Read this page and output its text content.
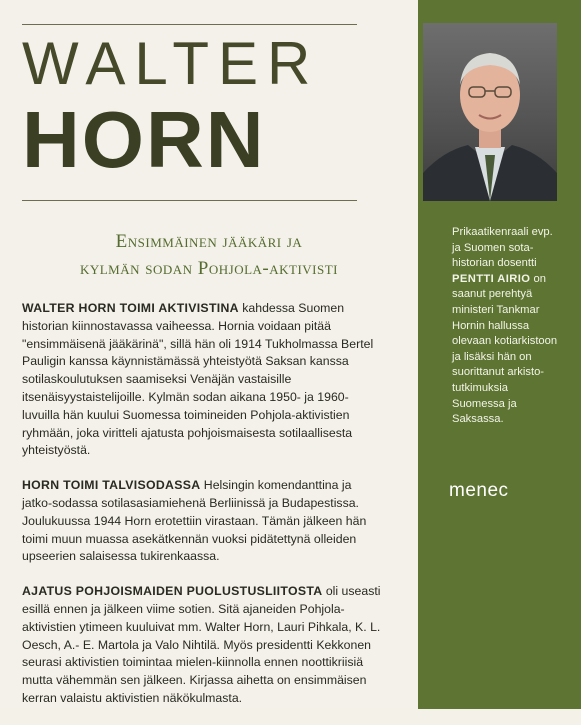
WALTER
HORN
Ensimmäinen jääkäri ja
kylmän sodan Pohjola-aktivisti

WALTER HORN TOIMI AKTIVISTINA kahdessa Suomen historian kiinnostavassa vaiheessa. Hornia voidaan pitää "ensimmäisenä jääkärinä", sillä hän oli 1914 Tukholmassa Bertel Pauligin kanssa käynnistämässä yhteistyötä Saksan kanssa sotilaskoulutuksen saamiseksi Venäjän vastaisille itsenäisyystaistelijoille. Kylmän sodan aikana 1950- ja 1960-luvuilla hän kuului Suomessa toimineiden Pohjola-aktivistien ryhmään, joka viritteli ajatusta pohjoismaisesta sotilaallisesta yhteistyöstä.

HORN TOIMI TALVISODASSA Helsingin komendanttina ja jatko-sodassa sotilasasiamiehenä Berliinissä ja Budapestissa. Joulukuussa 1944 Horn erotettiin virastaan. Tämän jälkeen hän toimi muun muassa asekätkennän vuoksi pidätettynä olleiden upseerien salaisessa tukirenkaassa.

AJATUS POHJOISMAIDEN PUOLUSTUSLIITOSTA oli useasti esillä ennen ja jälkeen viime sotien. Sitä ajaneiden Pohjola-aktivistien ytimeen kuuluivat mm. Walter Horn, Lauri Pihkala, K. L. Oesch, A.- E. Martola ja Valo Nihtilä. Myös presidentti Kekkonen seurasi aktivistien toimintaa mielen-kiinnolla ennen noottikriisiä mutta vähemmän sen jälkeen. Kirjassa aihetta on ensimmäisen kerran valaistu aktivistien näkökulmasta.

Prikaatikenraali evp. ja Suomen sota-historian dosentti PENTTI AIRIO on saanut perehtyä ministeri Tankmar Hornin hallussa olevaan kotiarkistoon ja lisäksi hän on suorittanut arkisto-tutkimuksia Suomessa ja Saksassa.
menec
